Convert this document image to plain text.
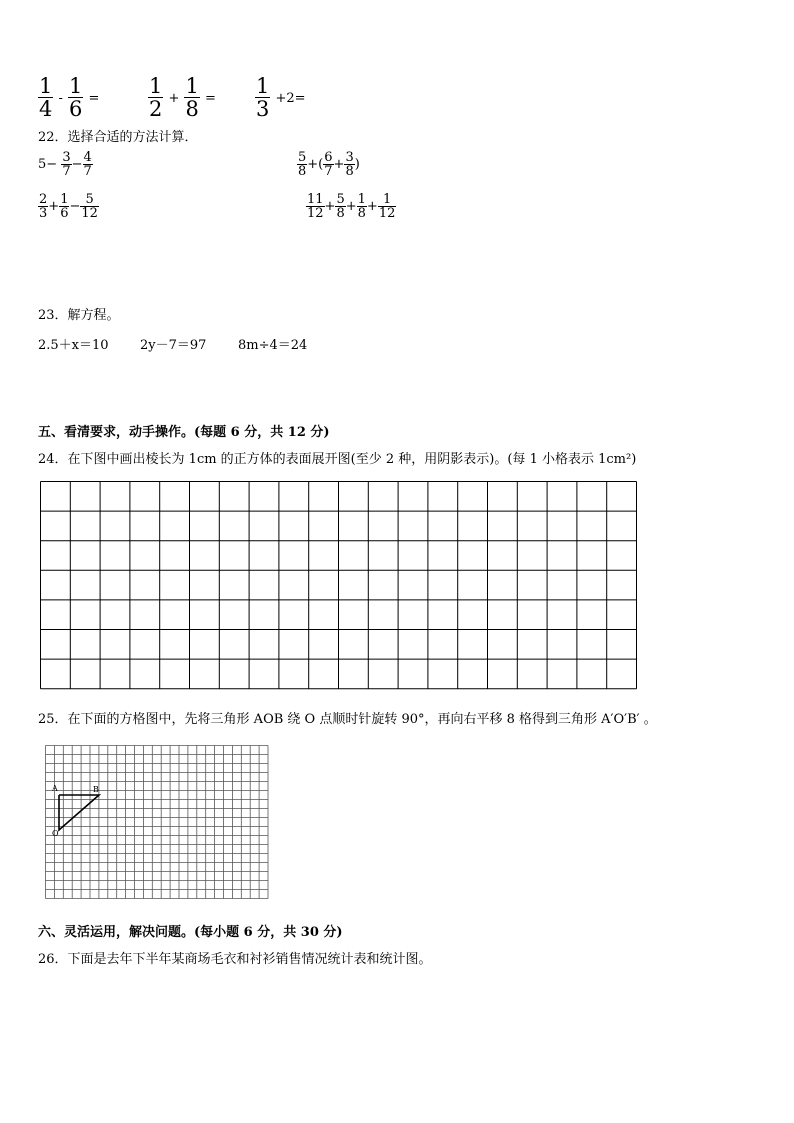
$\frac{1}{4} - \frac{1}{6} = \frac{1}{2} + \frac{1}{8} = \frac{1}{3} +2=$
22．选择合适的方法计算．
$5- \frac{3}{7} - \frac{4}{7}$	$\frac{5}{8}$ +( $\frac{6}{7} + \frac{3}{8}$ )
$\frac{2}{3} + \frac{1}{6} - \frac{5}{12}$	$\frac{11}{12} + \frac{5}{8} + \frac{1}{8} + \frac{1}{12}$
23．解方程。
2.5＋x＝10 2y－7＝97 8m÷4＝24
五、看清要求，动手操作。(每题 6 分，共 12 分)
24．在下图中画出棱长为 1cm 的正方体的表面展开图(至少 2 种，用阴影表示)。(每 1 小格表示 1cm²)
25．在下面的方格图中，先将三角形 AOB 绕 O 点顺时针旋转 90°，再向右平移 8 格得到三角形 A′O′B′ 。
A	B
O
六、灵活运用，解决问题。(每小题 6 分，共 30 分)
26．下面是去年下半年某商场毛衣和衬衫销售情况统计表和统计图。
